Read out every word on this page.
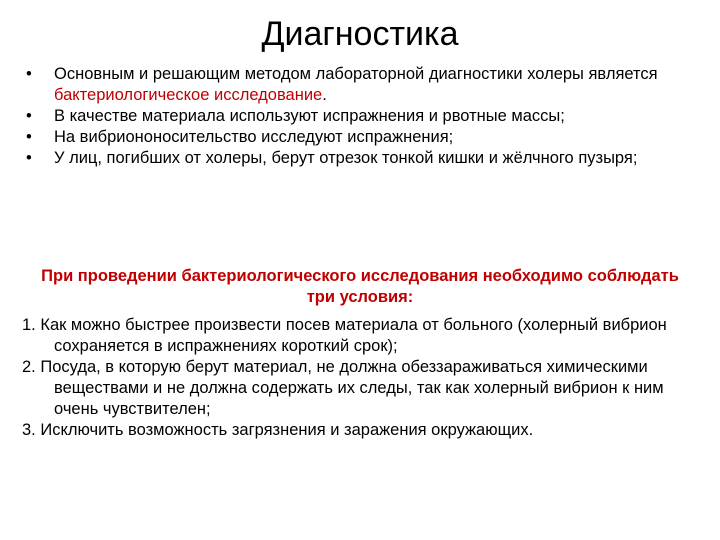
Диагностика
•	Основным и решающим методом лабораторной диагностики холеры является бактериологическое исследование.
•	В качестве материала используют испражнения и рвотные массы;
•	На вибриононосительство исследуют испражнения;
•	У лиц, погибших от холеры, берут отрезок тонкой кишки и жёлчного пузыря;
При проведении бактериологического исследования необходимо соблюдать три условия:
1. Как можно быстрее произвести посев материала от больного (холерный вибрион сохраняется в испражнениях короткий срок);
2. Посуда, в которую берут материал, не должна обеззараживаться химическими веществами и не должна содержать их следы, так как холерный вибрион к ним очень чувствителен;
3. Исключить возможность загрязнения и заражения окружающих.
